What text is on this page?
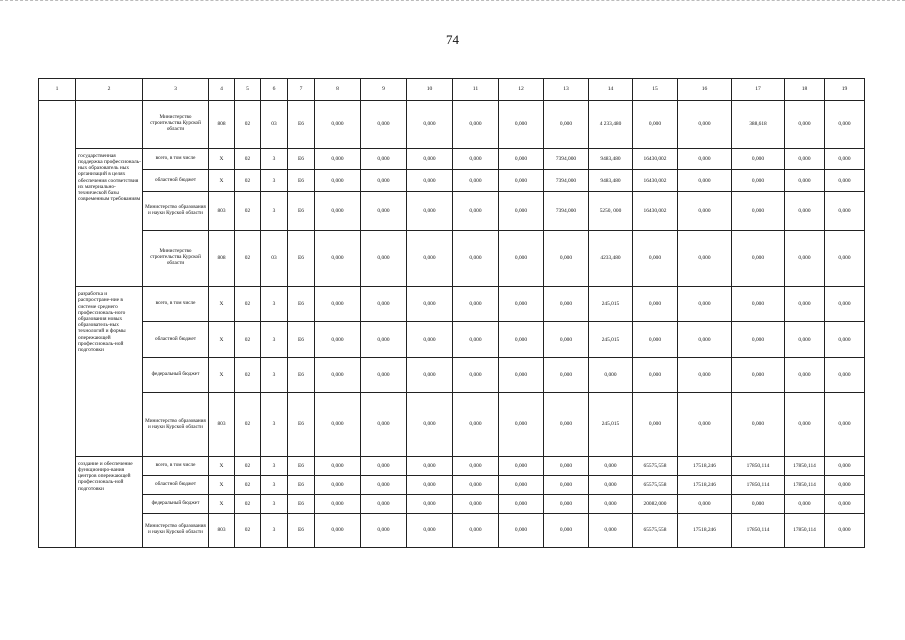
74
1	2	3	4	5	6	7	8	9	10	11	12	13	14	15	16	17	18	19
		Министерство строительства Курской области	808	02	03	Е6	0,000	0,000	0,000	0,000	0,000	0,000	4 233,480	0,000	0,000	388,618	0,000	0,000
	государственная поддержка профессиональ-ных образователь ных организаций в целях обеспечения соответствия их материально-технической базы современным требованиям	всего, в том числе	X	02	3	Е6	0,000	0,000	0,000	0,000	0,000	7394,000	9483,480	16430,002	0,000	0,000	0,000	0,000
		областной бюджет	X	02	3	Е6	0,000	0,000	0,000	0,000	0,000	7394,000	9483,480	16430,002	0,000	0,000	0,000	0,000
		Министерство образования и науки Курской области	803	02	3	Е6	0,000	0,000	0,000	0,000	0,000	7394,000	5250, 000	16430,002	0,000	0,000	0,000	0,000
		Министерство строительства Курской области	808	02	03	Е6	0,000	0,000	0,000	0,000	0,000	0,000	4233,480	0,000	0,000	0,000	0,000	0,000
	разработка и распростране-ние в системе среднего профессиональ-ного образования новых образователь-ных технологий и формы опережающей профессиональ-ной подготовки	всего, в том числе	X	02	3	Е6	0,000	0,000	0,000	0,000	0,000	0,000	245,015	0,000	0,000	0,000	0,000	0,000
		областной бюджет	X	02	3	Е6	0,000	0,000	0,000	0,000	0,000	0,000	245,015	0,000	0,000	0,000	0,000	0,000
		федеральный бюджет	X	02	3	Е6	0,000	0,000	0,000	0,000	0,000	0,000	0,000	0,000	0,000	0,000	0,000	0,000
		Министерство образования и науки Курской области	803	02	3	Е6	0,000	0,000	0,000	0,000	0,000	0,000	245,015	0,000	0,000	0,000	0,000	0,000
	создание и обеспечение функциониро-вания центров опережающей профессиональ-ной подготовки	всего, в том числе	X	02	3	Е6	0,000	0,000	0,000	0,000	0,000	0,000	0,000	65575,558	17518,246	17850,114	17850,114	0,000
		областной бюджет	X	02	3	Е6	0,000	0,000	0,000	0,000	0,000	0,000	0,000	65575,558	17518,246	17850,114	17850,114	0,000
		федеральный бюджет	X	02	3	Е6	0,000	0,000	0,000	0,000	0,000	0,000	0,000	20082,000	0,000	0,000	0,000	0,000
		Министерство образования и науки Курской области	803	02	3	Е6	0,000	0,000	0,000	0,000	0,000	0,000	0,000	65575,558	17518,246	17850,114	17850,114	0,000
